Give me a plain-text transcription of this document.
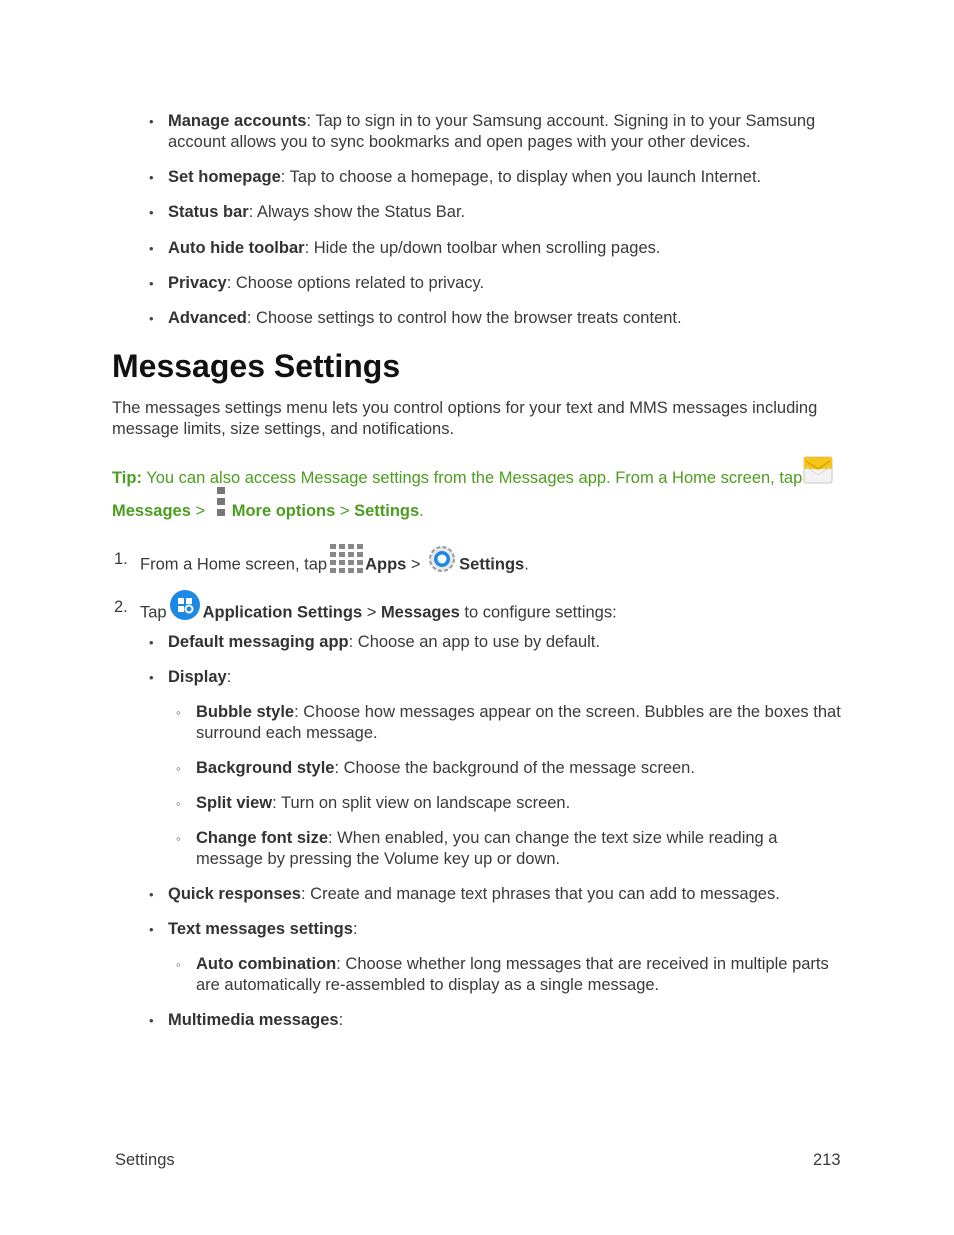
• Manage accounts: Tap to sign in to your Samsung account. Signing in to your Samsung account allows you to sync bookmarks and open pages with your other devices.
• Set homepage: Tap to choose a homepage, to display when you launch Internet.
• Status bar: Always show the Status Bar.
• Auto hide toolbar: Hide the up/down toolbar when scrolling pages.
• Privacy: Choose options related to privacy.
• Advanced: Choose settings to control how the browser treats content.
Messages Settings
The messages settings menu lets you control options for your text and MMS messages including message limits, size settings, and notifications.
Tip: You can also access Message settings from the Messages app. From a Home screen, tap
Messages > More options > Settings.
1. From a Home screen, tap Apps > Settings.
2. Tap Application Settings > Messages to configure settings:
• Default messaging app: Choose an app to use by default.
• Display:
◦ Bubble style: Choose how messages appear on the screen. Bubbles are the boxes that surround each message.
◦ Background style: Choose the background of the message screen.
◦ Split view: Turn on split view on landscape screen.
◦ Change font size: When enabled, you can change the text size while reading a message by pressing the Volume key up or down.
• Quick responses: Create and manage text phrases that you can add to messages.
• Text messages settings:
◦ Auto combination: Choose whether long messages that are received in multiple parts are automatically re-assembled to display as a single message.
• Multimedia messages:
Settings	213
